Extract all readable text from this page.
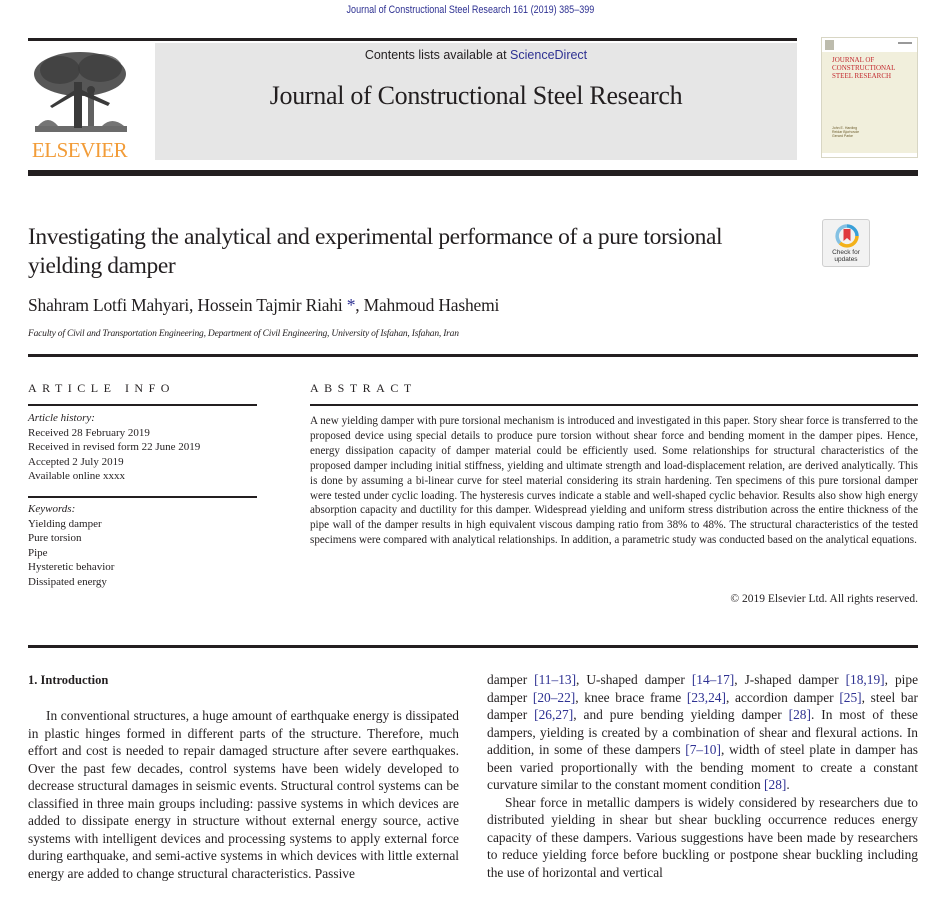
Journal of Constructional Steel Research 161 (2019) 385–399
ELSEVIER
Contents lists available at ScienceDirect
Journal of Constructional Steel Research
JOURNAL OF
CONSTRUCTIONAL
STEEL RESEARCH
John E. Harding
Reidar Bjorhovde
Gerard Parke
Investigating the analytical and experimental performance of a pure torsional yielding damper
Check for
updates
Shahram Lotfi Mahyari, Hossein Tajmir Riahi *, Mahmoud Hashemi
Faculty of Civil and Transportation Engineering, Department of Civil Engineering, University of Isfahan, Isfahan, Iran
ARTICLE INFO
Article history:
Received 28 February 2019
Received in revised form 22 June 2019
Accepted 2 July 2019
Available online xxxx
Keywords:
Yielding damper
Pure torsion
Pipe
Hysteretic behavior
Dissipated energy
ABSTRACT
A new yielding damper with pure torsional mechanism is introduced and investigated in this paper. Story shear force is transferred to the proposed device using special details to produce pure torsion without shear force and bending moment in the damper pipes. Hence, energy dissipation capacity of damper material could be efficiently used. Some relationships for structural characteristics of the proposed damper including initial stiffness, yielding and ultimate strength and load-displacement relation, are derived analytically. This is done by assuming a bi-linear curve for steel material considering its strain hardening. Ten specimens of this pure torsional damper were tested under cyclic loading. The hysteresis curves indicate a stable and well-shaped cyclic behavior. Results also show high energy absorption capacity and ductility for this damper. Widespread yielding and uniform stress distribution across the entire thickness of the pipe wall of the damper results in high equivalent viscous damping ratio from 38% to 48%. The structural characteristics of the tested specimens were compared with analytical relationships. In addition, a parametric study was conducted based on the analytical equations.
© 2019 Elsevier Ltd. All rights reserved.
1. Introduction

In conventional structures, a huge amount of earthquake energy is dissipated in plastic hinges formed in different parts of the structure. Therefore, much effort and cost is needed to repair damaged structure after severe earthquakes. Over the past few decades, control systems have been widely developed to decrease structural damages in seismic events. Structural control systems can be classified in three main groups including: passive systems in which devices are added to dissipate energy in structure without external energy source, active systems with intelligent devices and processing systems to apply external force during earthquake, and semi-active systems in which devices with little external energy are added to change structural characteristics. Passive

damper [11–13], U-shaped damper [14–17], J-shaped damper [18,19], pipe damper [20–22], knee brace frame [23,24], accordion damper [25], steel bar damper [26,27], and pure bending yielding damper [28]. In most of these dampers, yielding is created by a combination of shear and flexural actions. In addition, in some of these dampers [7–10], width of steel plate in damper has been varied proportionally with the bending moment to create a constant curvature similar to the constant moment condition [28].

Shear force in metallic dampers is widely considered by researchers due to distributed yielding in shear but shear buckling occurrence reduces energy capacity of these dampers. Various suggestions have been made by researchers to reduce yielding force before buckling or postpone shear buckling including the use of horizontal and vertical
